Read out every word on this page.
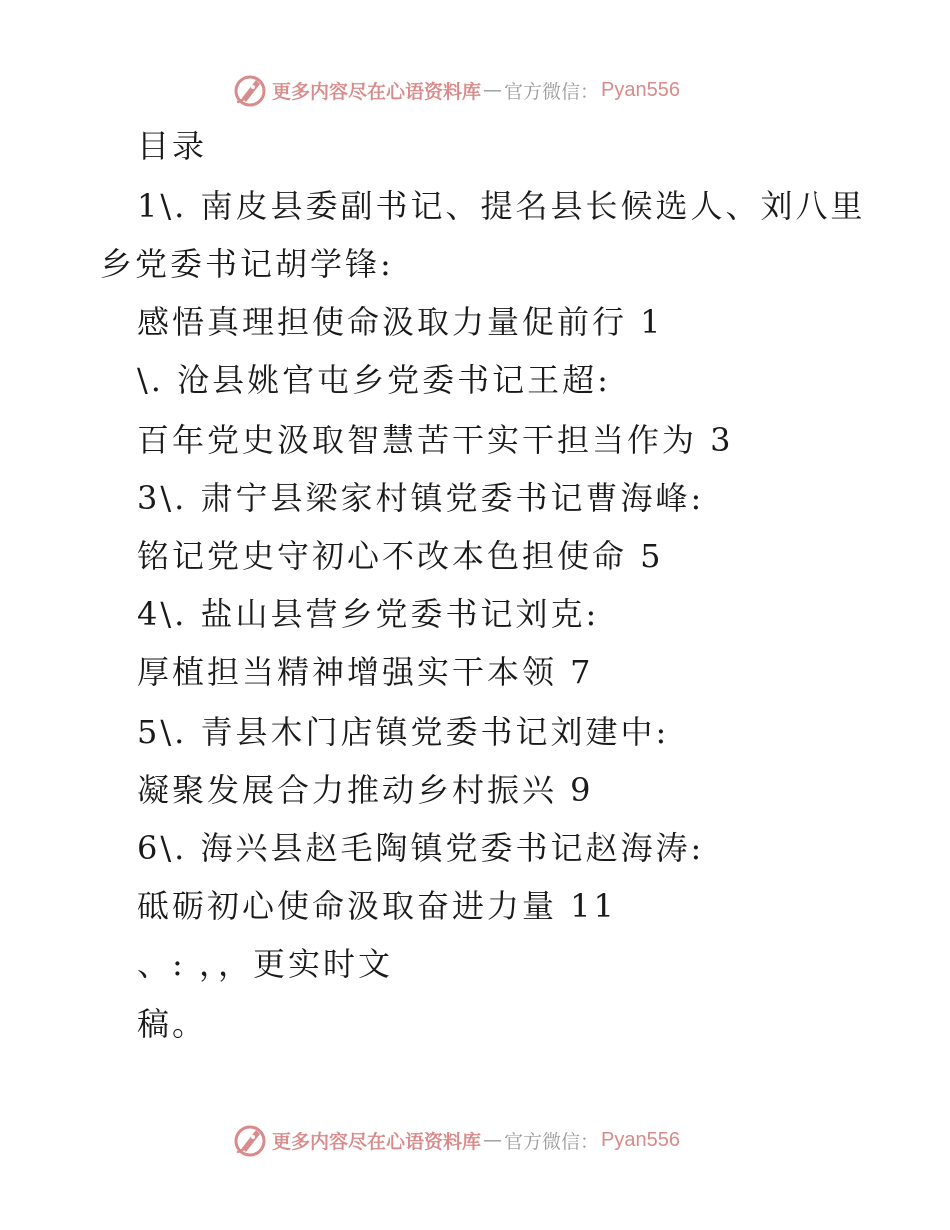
更多内容尽在心语资料库 — 官方微信： Pyan556
目录
1\. 南皮县委副书记、提名县长候选人、刘八里
乡党委书记胡学锋:
感悟真理担使命汲取力量促前行 1
\. 沧县姚官屯乡党委书记王超:
百年党史汲取智慧苦干实干担当作为 3
3\. 肃宁县梁家村镇党委书记曹海峰:
铭记党史守初心不改本色担使命 5
4\. 盐山县营乡党委书记刘克:
厚植担当精神增强实干本领 7
5\. 青县木门店镇党委书记刘建中:
凝聚发展合力推动乡村振兴 9
6\. 海兴县赵毛陶镇党委书记赵海涛:
砥砺初心使命汲取奋进力量 11
、: ，，更实时文
稿。
更多内容尽在心语资料库 — 官方微信： Pyan556
